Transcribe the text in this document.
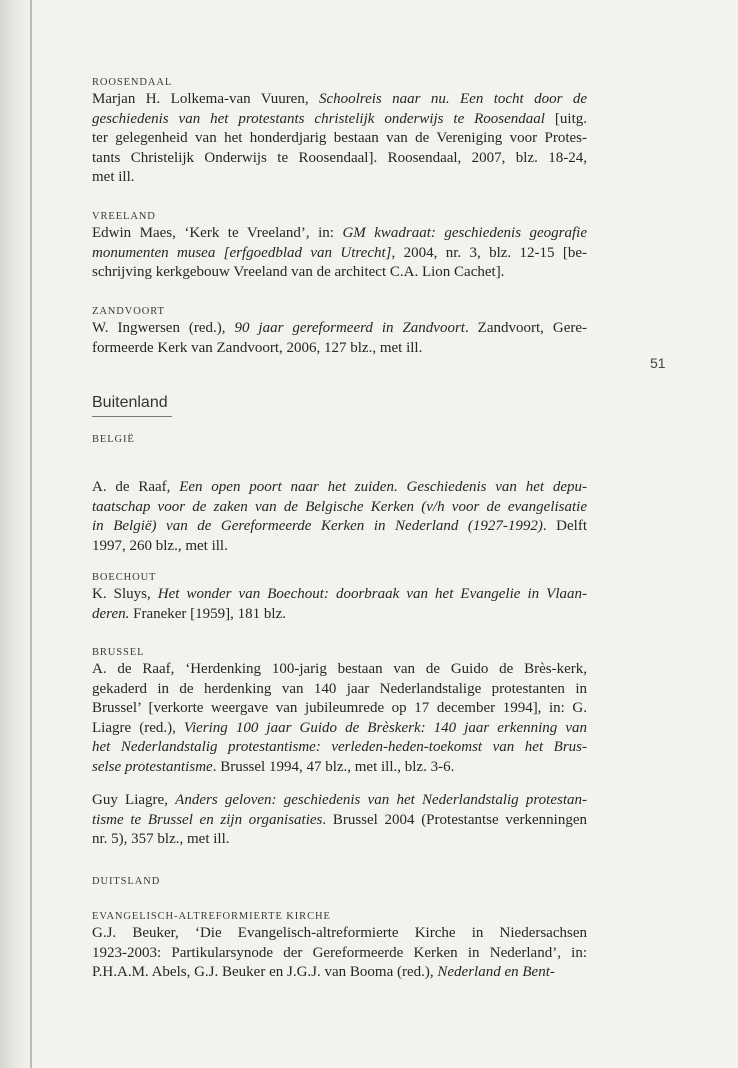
51
ROOSENDAAL
Marjan H. Lolkema-van Vuuren, Schoolreis naar nu. Een tocht door de
geschiedenis van het protestants christelijk onderwijs te Roosendaal [uitg.
ter gelegenheid van het honderdjarig bestaan van de Vereniging voor Protes-
tants Christelijk Onderwijs te Roosendaal]. Roosendaal, 2007, blz. 18-24,
met ill.
VREELAND
Edwin Maes, ‘Kerk te Vreeland’, in: GM kwadraat: geschiedenis geografie
monumenten musea [erfgoedblad van Utrecht], 2004, nr. 3, blz. 12-15 [be-
schrijving kerkgebouw Vreeland van de architect C.A. Lion Cachet].
ZANDVOORT
W. Ingwersen (red.), 90 jaar gereformeerd in Zandvoort. Zandvoort, Gere-
formeerde Kerk van Zandvoort, 2006, 127 blz., met ill.
BELGIË
A. de Raaf, Een open poort naar het zuiden. Geschiedenis van het depu-
taatschap voor de zaken van de Belgische Kerken (v/h voor de evangelisatie
in België) van de Gereformeerde Kerken in Nederland (1927-1992). Delft
1997, 260 blz., met ill.
BOECHOUT
K. Sluys, Het wonder van Boechout: doorbraak van het Evangelie in Vlaan-
deren. Franeker [1959], 181 blz.
BRUSSEL
A. de Raaf, ‘Herdenking 100-jarig bestaan van de Guido de Brès-kerk,
gekaderd in de herdenking van 140 jaar Nederlandstalige protestanten in
Brussel’ [verkorte weergave van jubileumrede op 17 december 1994], in: G.
Liagre (red.), Viering 100 jaar Guido de Brèskerk: 140 jaar erkenning van
het Nederlandstalig protestantisme: verleden-heden-toekomst van het Brus-
selse protestantisme. Brussel 1994, 47 blz., met ill., blz. 3-6.
Guy Liagre, Anders geloven: geschiedenis van het Nederlandstalig protestan-
tisme te Brussel en zijn organisaties. Brussel 2004 (Protestantse verkenningen
nr. 5), 357 blz., met ill.
DUITSLAND
EVANGELISCH-ALTREFORMIERTE KIRCHE
G.J. Beuker, ‘Die Evangelisch-altreformierte Kirche in Niedersachsen
1923-2003: Partikularsynode der Gereformeerde Kerken in Nederland’, in:
P.H.A.M. Abels, G.J. Beuker en J.G.J. van Booma (red.), Nederland en Bent-
Buitenland
